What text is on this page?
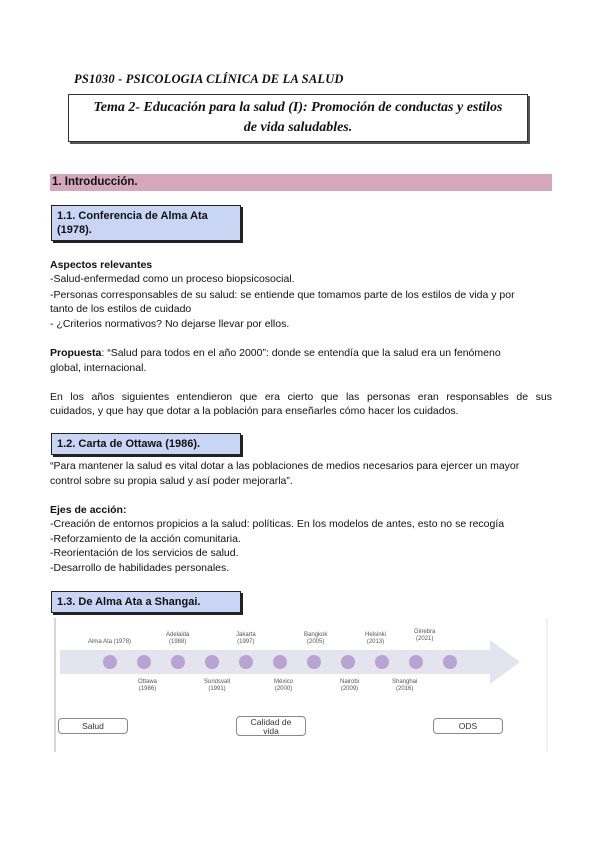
PS1030 - PSICOLOGIA CLÍNICA DE LA SALUD
Tema 2- Educación para la salud (I): Promoción de conductas y estilos
de vida saludables.
1. Introducción.
1.1. Conferencia de Alma Ata
(1978).
Aspectos relevantes
-Salud-enfermedad como un proceso biopsicosocial.
-Personas corresponsables de su salud: se entiende que tomamos parte de los estilos de vida y por
tanto de los estilos de cuidado
- ¿Criterios normativos? No dejarse llevar por ellos.
Propuesta: “Salud para todos en el año 2000”: donde se entendía que la salud era un fenómeno
global, internacional.
En los años siguientes entendieron que era cierto que las personas eran responsables de sus
cuidados, y que hay que dotar a la población para enseñarles cómo hacer los cuidados.
1.2. Carta de Ottawa (1986).
“Para mantener la salud es vital dotar a las poblaciones de medios necesarios para ejercer un mayor
control sobre su propia salud y así poder mejorarla”.
Ejes de acción:
-Creación de entornos propicios a la salud: políticas. En los modelos de antes, esto no se recogía
-Reforzamiento de la acción comunitaria.
-Reorientación de los servicios de salud.
-Desarrollo de habilidades personales.
1.3. De Alma Ata a Shangai.
Alma Ata (1978)
Adelaida
(1988)
Jakarta
(1997)
Bangkok
(2005)
Helsinki
(2013)
Ginebra
(2021)
Ottawa
(1986)
Sundsvall
(1991)
México
(2000)
Nairobi
(2009)
Shanghai
(2016)
Salud	Calidad de
vida	ODS
